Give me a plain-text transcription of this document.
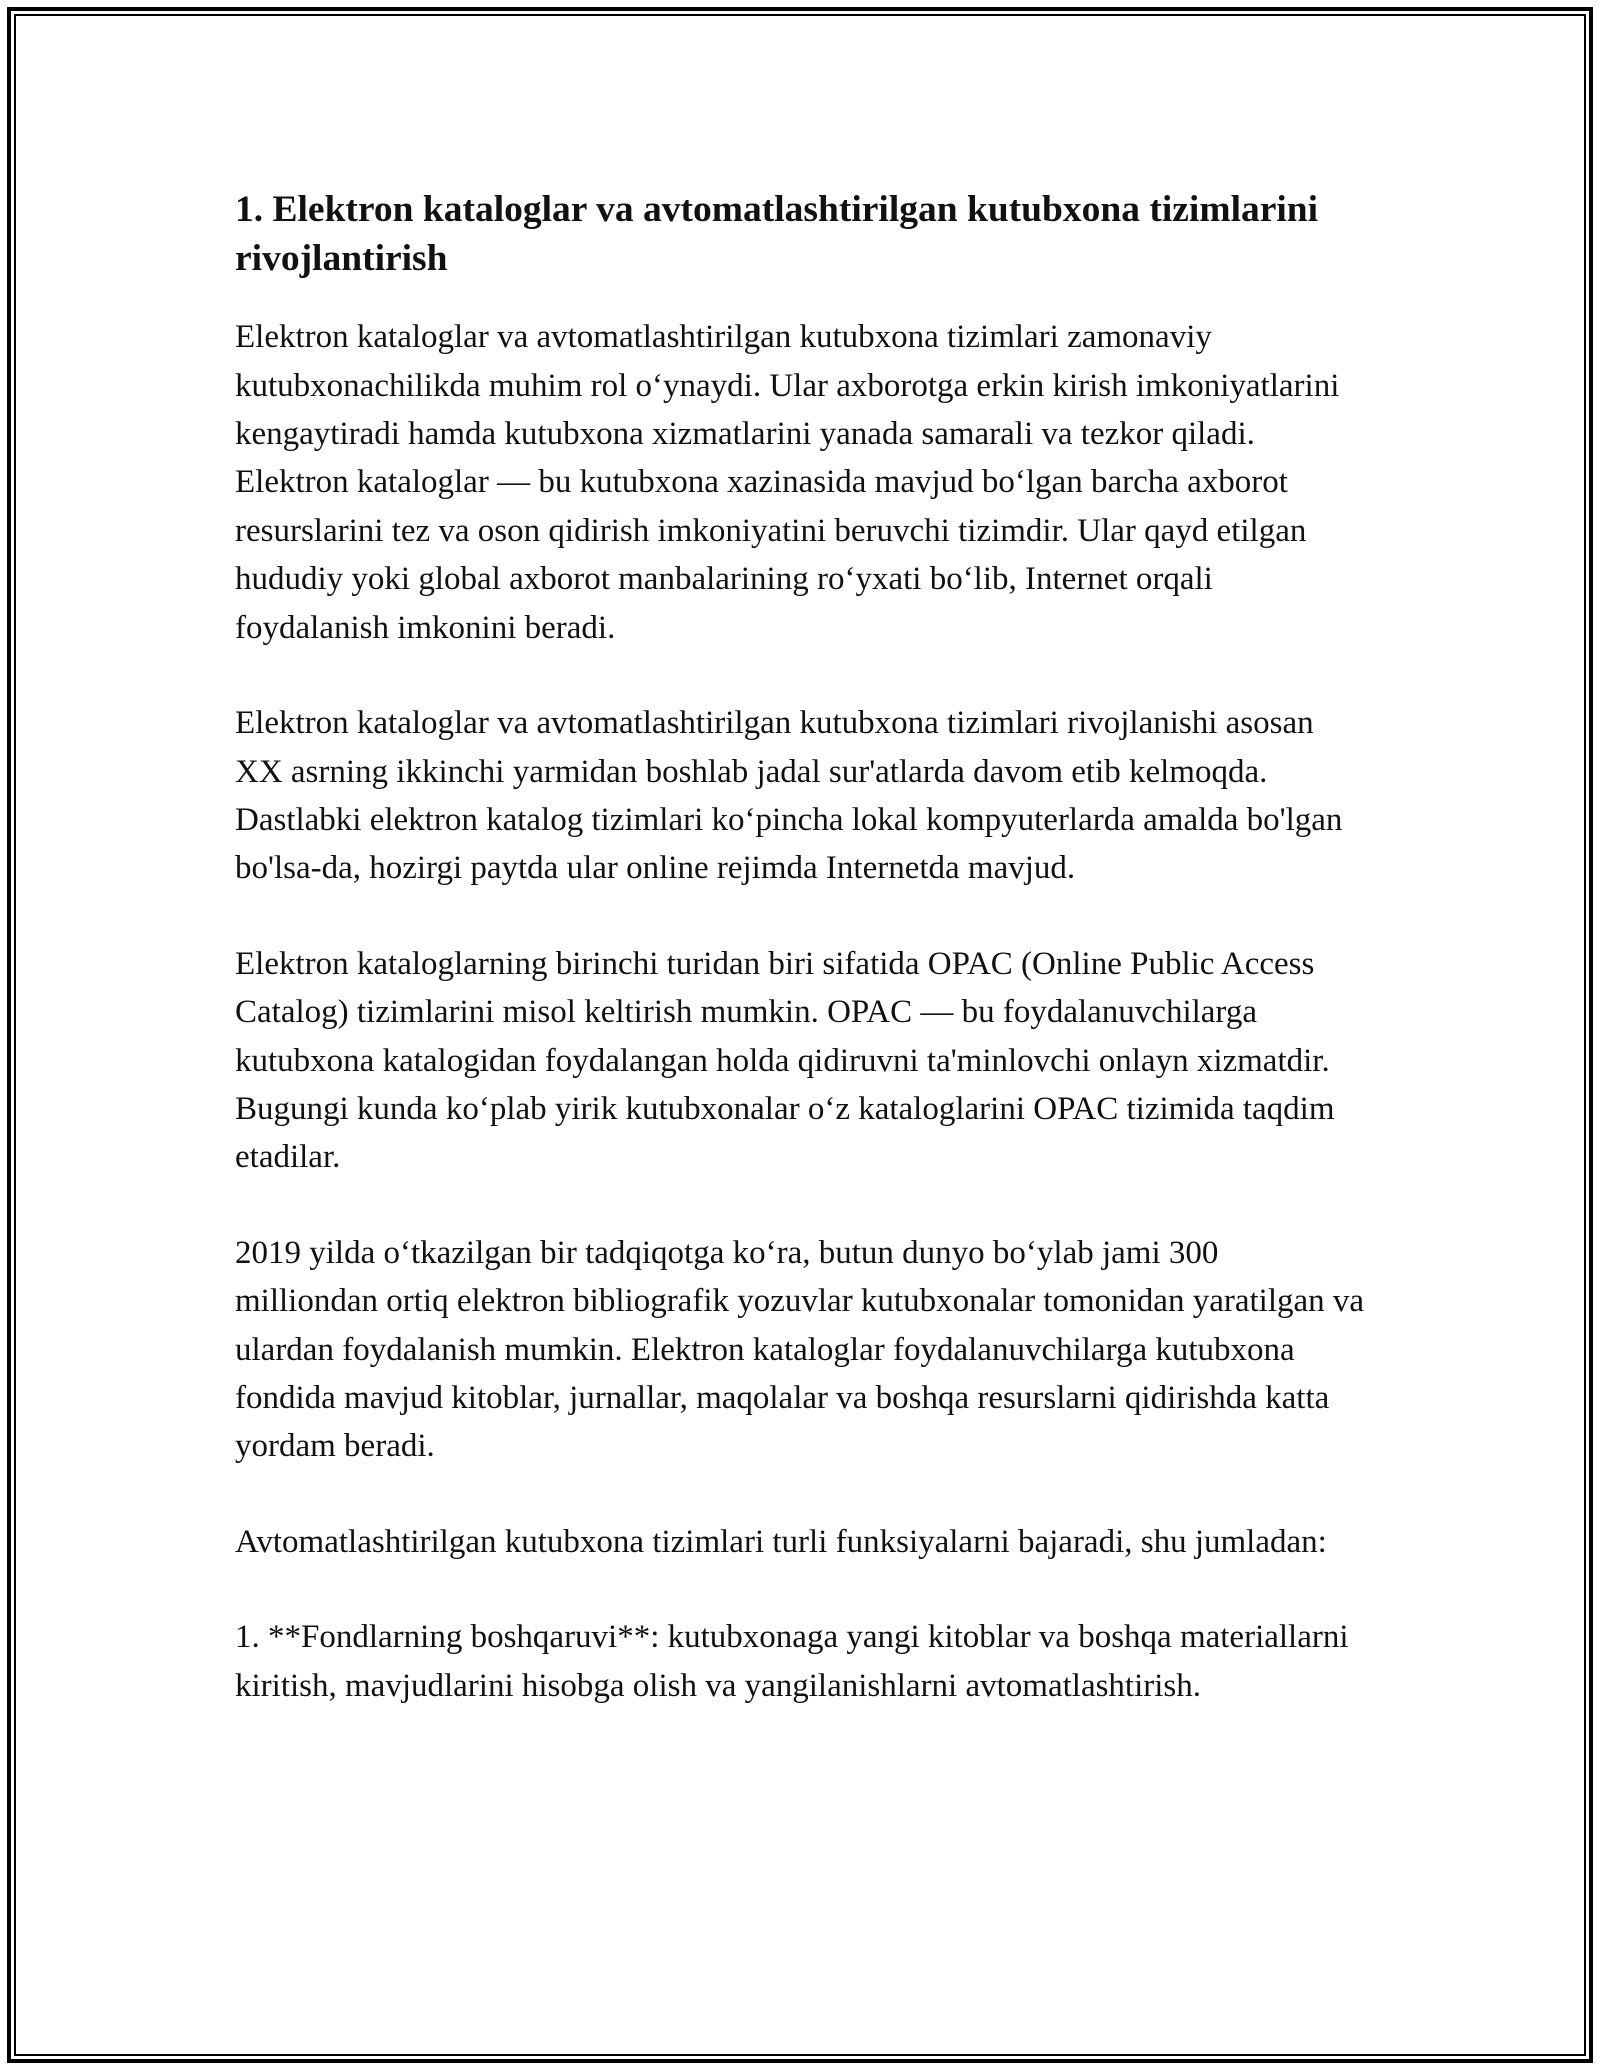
1. Elektron kataloglar va avtomatlashtirilgan kutubxona tizimlarini rivojlantirish

Elektron kataloglar va avtomatlashtirilgan kutubxona tizimlari zamonaviy kutubxonachilikda muhim rol o‘ynaydi. Ular axborotga erkin kirish imkoniyatlarini kengaytiradi hamda kutubxona xizmatlarini yanada samarali va tezkor qiladi. Elektron kataloglar — bu kutubxona xazinasida mavjud bo‘lgan barcha axborot resurslarini tez va oson qidirish imkoniyatini beruvchi tizimdir. Ular qayd etilgan hududiy yoki global axborot manbalarining ro‘yxati bo‘lib, Internet orqali foydalanish imkonini beradi.

Elektron kataloglar va avtomatlashtirilgan kutubxona tizimlari rivojlanishi asosan XX asrning ikkinchi yarmidan boshlab jadal sur'atlarda davom etib kelmoqda. Dastlabki elektron katalog tizimlari ko‘pincha lokal kompyuterlarda amalda bo'lgan bo'lsa-da, hozirgi paytda ular online rejimda Internetda mavjud.

Elektron kataloglarning birinchi turidan biri sifatida OPAC (Online Public Access Catalog) tizimlarini misol keltirish mumkin. OPAC — bu foydalanuvchilarga kutubxona katalogidan foydalangan holda qidiruvni ta'minlovchi onlayn xizmatdir. Bugungi kunda ko‘plab yirik kutubxonalar o‘z kataloglarini OPAC tizimida taqdim etadilar.

2019 yilda o‘tkazilgan bir tadqiqotga ko‘ra, butun dunyo bo‘ylab jami 300 milliondan ortiq elektron bibliografik yozuvlar kutubxonalar tomonidan yaratilgan va ulardan foydalanish mumkin. Elektron kataloglar foydalanuvchilarga kutubxona fondida mavjud kitoblar, jurnallar, maqolalar va boshqa resurslarni qidirishda katta yordam beradi.

Avtomatlashtirilgan kutubxona tizimlari turli funksiyalarni bajaradi, shu jumladan:

1. **Fondlarning boshqaruvi**: kutubxonaga yangi kitoblar va boshqa materiallarni kiritish, mavjudlarini hisobga olish va yangilanishlarni avtomatlashtirish.
